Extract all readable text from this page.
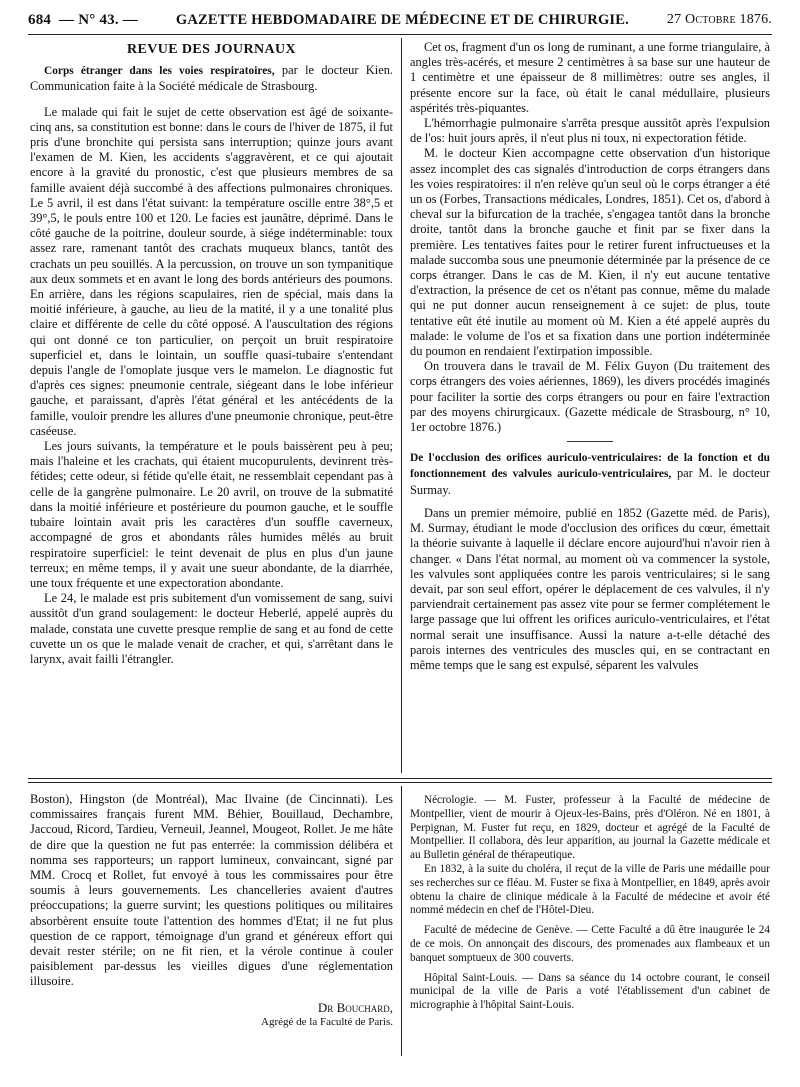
684 — N° 43. —	GAZETTE HEBDOMADAIRE DE MÉDECINE ET DE CHIRURGIE.	27 Octobre 1876.
REVUE DES JOURNAUX

Corps étranger dans les voies respiratoires, par le docteur Kien. Communication faite à la Société médicale de Strasbourg.

Le malade qui fait le sujet de cette observation est âgé de soixante-cinq ans, sa constitution est bonne: dans le cours de l'hiver de 1875, il fut pris d'une bronchite qui persista sans interruption; quinze jours avant l'examen de M. Kien, les accidents s'aggravèrent, et ce qui ajoutait encore à la gravité du pronostic, c'est que plusieurs membres de sa famille avaient déjà succombé à des affections pulmonaires chroniques. Le 5 avril, il est dans l'état suivant: la température oscille entre 38°,5 et 39°,5, le pouls entre 100 et 120. Le facies est jaunâtre, déprimé. Dans le côté gauche de la poitrine, douleur sourde, à siége indéterminable: toux assez rare, ramenant tantôt des crachats muqueux blancs, tantôt des crachats un peu souillés. A la percussion, on trouve un son tympanitique aux deux sommets et en avant le long des bords antérieurs des poumons. En arrière, dans les régions scapulaires, rien de spécial, mais dans la moitié inférieure, à gauche, au lieu de la matité, il y a une tonalité plus claire et différente de celle du côté opposé. A l'auscultation des régions qui ont donné ce ton particulier, on perçoit un bruit respiratoire superficiel et, dans le lointain, un souffle quasi-tubaire s'entendant depuis l'angle de l'omoplate jusque vers le mamelon. Le diagnostic fut d'après ces signes: pneumonie centrale, siégeant dans le lobe inférieur gauche, et paraissant, d'après l'état général et les antécédents de la famille, vouloir prendre les allures d'une pneumonie chronique, peut-être caséeuse.

Les jours suivants, la température et le pouls baissèrent peu à peu; mais l'haleine et les crachats, qui étaient mucopurulents, devinrent très-fétides; cette odeur, si fétide qu'elle était, ne ressemblait cependant pas à celle de la gangrène pulmonaire. Le 20 avril, on trouve de la submatité dans la moitié inférieure et postérieure du poumon gauche, et le souffle tubaire lointain avait pris les caractères d'un souffle caverneux, accompagné de gros et abondants râles humides mêlés au bruit respiratoire superficiel: le teint devenait de plus en plus d'un jaune terreux; en même temps, il y avait une sueur abondante, de la diarrhée, une toux fréquente et une expectoration abondante.

Le 24, le malade est pris subitement d'un vomissement de sang, suivi aussitôt d'un grand soulagement: le docteur Heberlé, appelé auprès du malade, constata une cuvette presque remplie de sang et au fond de cette cuvette un os que le malade venait de cracher, et qui, s'arrêtant dans le larynx, avait failli l'étrangler.

Cet os, fragment d'un os long de ruminant, a une forme triangulaire, à angles très-acérés, et mesure 2 centimètres à sa base sur une hauteur de 1 centimètre et une épaisseur de 8 millimètres: outre ses angles, il présente encore sur la face, où était le canal médullaire, plusieurs aspérités très-piquantes.

L'hémorrhagie pulmonaire s'arrêta presque aussitôt après l'expulsion de l'os: huit jours après, il n'eut plus ni toux, ni expectoration fétide.

M. le docteur Kien accompagne cette observation d'un historique assez incomplet des cas signalés d'introduction de corps étrangers dans les voies respiratoires: il n'en relève qu'un seul où le corps étranger a été un os (Forbes, Transactions médicales, Londres, 1851). Cet os, d'abord à cheval sur la bifurcation de la trachée, s'engagea tantôt dans la bronche droite, tantôt dans la bronche gauche et finit par se fixer dans la première. Les tentatives faites pour le retirer furent infructueuses et la malade succomba sous une pneumonie déterminée par la présence de ce corps étranger. Dans le cas de M. Kien, il n'y eut aucune tentative d'extraction, la présence de cet os n'étant pas connue, même du malade qui ne put donner aucun renseignement à ce sujet: de plus, toute tentative eût été inutile au moment où M. Kien a été appelé auprès du malade: le volume de l'os et sa fixation dans une portion indéterminée du poumon en rendaient l'extirpation impossible.

On trouvera dans le travail de M. Félix Guyon (Du traitement des corps étrangers des voies aériennes, 1869), les divers procédés imaginés pour faciliter la sortie des corps étrangers ou pour en faire l'extraction par des moyens chirurgicaux. (Gazette médicale de Strasbourg, n° 10, 1er octobre 1876.)

De l'occlusion des orifices auriculo-ventriculaires: de la fonction et du fonctionnement des valvules auriculo-ventriculaires, par M. le docteur Surmay.

Dans un premier mémoire, publié en 1852 (Gazette méd. de Paris), M. Surmay, étudiant le mode d'occlusion des orifices du cœur, émettait la théorie suivante à laquelle il déclare encore aujourd'hui n'avoir rien à changer. « Dans l'état normal, au moment où va commencer la systole, les valvules sont appliquées contre les parois ventriculaires; si le sang devait, par son seul effort, opérer le déplacement de ces valvules, il n'y parviendrait certainement pas assez vite pour se fermer complétement le large passage que lui offrent les orifices auriculo-ventriculaires, et l'état normal serait une insuffisance. Aussi la nature a-t-elle détaché des parois internes des ventricules des muscles qui, en se contractant en même temps que le sang est expulsé, séparent les valvules

Boston), Hingston (de Montréal), Mac Ilvaine (de Cincinnati). Les commissaires français furent MM. Béhier, Bouillaud, Dechambre, Jaccoud, Ricord, Tardieu, Verneuil, Jeannel, Mougeot, Rollet. Je me hâte de dire que la question ne fut pas enterrée: la commission délibéra et nomma ses rapporteurs; un rapport lumineux, convaincant, signé par MM. Crocq et Rollet, fut envoyé à tous les commissaires pour être soumis à leurs gouvernements. Les chancelleries avaient d'autres préoccupations; la guerre survint; les questions politiques ou militaires absorbèrent ensuite toute l'attention des hommes d'Etat; il ne fut plus question de ce rapport, témoignage d'un grand et généreux effort qui devait rester stérile; on ne fit rien, et la vérole continue à couler paisiblement par-dessus les vieilles digues d'une réglementation illusoire.

Dr Bouchard,
Agrégé de la Faculté de Paris.

Nécrologie. — M. Fuster, professeur à la Faculté de médecine de Montpellier, vient de mourir à Ojeux-les-Bains, près d'Oléron. Né en 1801, à Perpignan, M. Fuster fut reçu, en 1829, docteur et agrégé de la Faculté de Montpellier. Il collabora, dès leur apparition, au journal la Gazette médicale et au Bulletin général de thérapeutique.

En 1832, à la suite du choléra, il reçut de la ville de Paris une médaille pour ses recherches sur ce fléau. M. Fuster se fixa à Montpellier, en 1849, après avoir obtenu la chaire de clinique médicale à la Faculté de médecine et avoir été nommé médecin en chef de l'Hôtel-Dieu.

Faculté de médecine de Genève. — Cette Faculté a dû être inaugurée le 24 de ce mois. On annonçait des discours, des promenades aux flambeaux et un banquet somptueux de 300 couverts.

Hôpital Saint-Louis. — Dans sa séance du 14 octobre courant, le conseil municipal de la ville de Paris a voté l'établissement d'un cabinet de micrographie à l'hôpital Saint-Louis.
